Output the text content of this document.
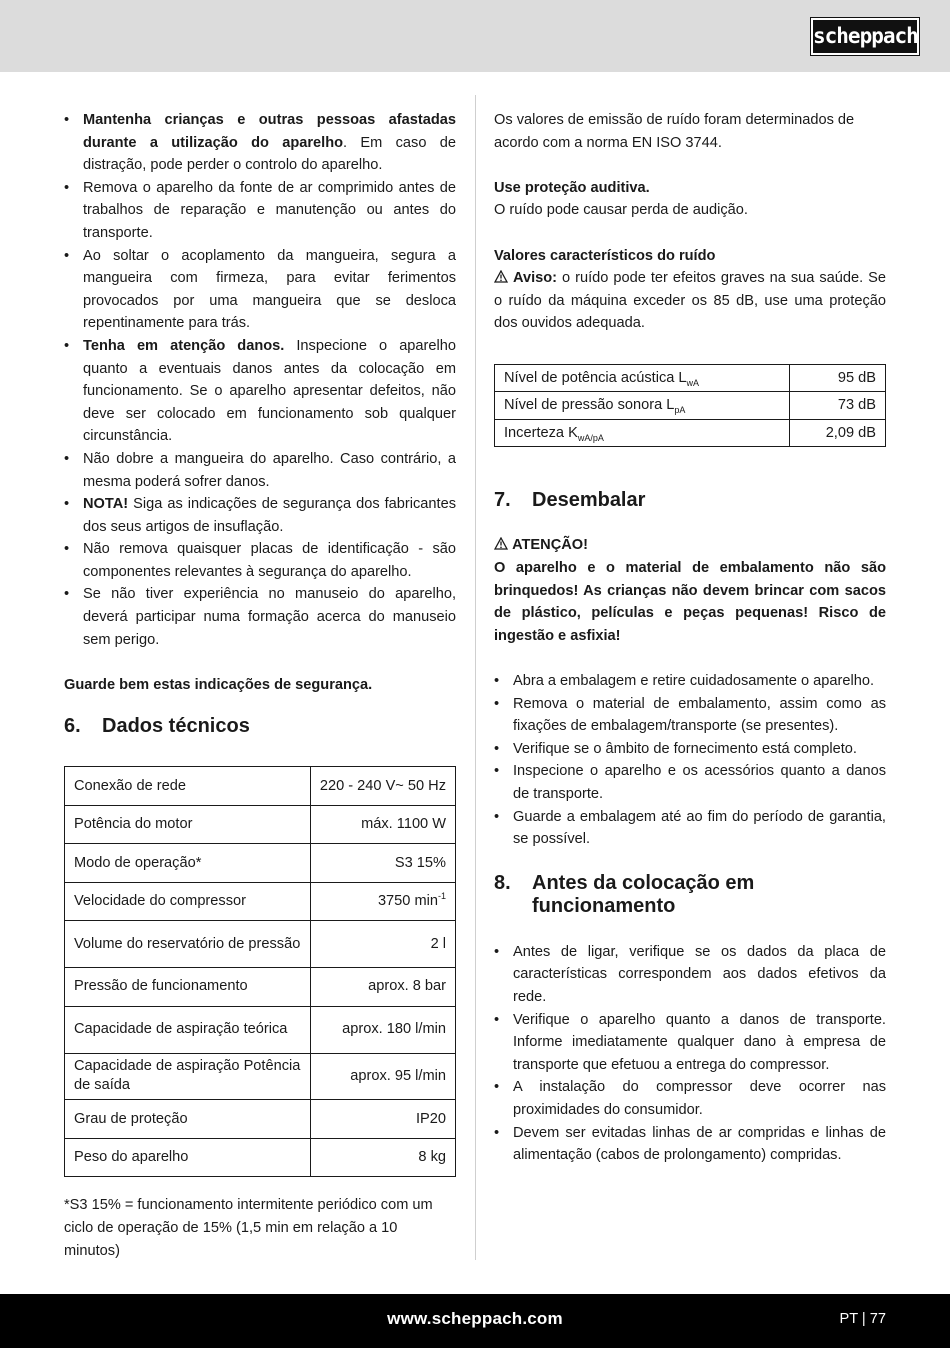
scheppach
• Mantenha crianças e outras pessoas afastadas durante a utilização do aparelho. Em caso de distração, pode perder o controlo do aparelho.
• Remova o aparelho da fonte de ar comprimido antes de trabalhos de reparação e manutenção ou antes do transporte.
• Ao soltar o acoplamento da mangueira, segura a mangueira com firmeza, para evitar ferimentos provocados por uma mangueira que se desloca repentinamente para trás.
• Tenha em atenção danos. Inspecione o aparelho quanto a eventuais danos antes da colocação em funcionamento. Se o aparelho apresentar defeitos, não deve ser colocado em funcionamento sob qualquer circunstância.
• Não dobre a mangueira do aparelho. Caso contrário, a mesma poderá sofrer danos.
• NOTA! Siga as indicações de segurança dos fabricantes dos seus artigos de insuflação.
• Não remova quaisquer placas de identificação - são componentes relevantes à segurança do aparelho.
• Se não tiver experiência no manuseio do aparelho, deverá participar numa formação acerca do manuseio sem perigo.

Guarde bem estas indicações de segurança.

6.	Dados técnicos
Conexão de rede	220 - 240 V~ 50 Hz
Potência do motor	máx. 1100 W
Modo de operação*	S3 15%
Velocidade do compressor	3750 $\min^{-1}$
Volume do reservatório de pressão	2 l
Pressão de funcionamento	aprox. 8 bar
Capacidade de aspiração teórica	aprox. 180 l/min
Capacidade de aspiração Potência de saída	aprox. 95 l/min
Grau de proteção	IP20
Peso do aparelho	8 kg

*S3 15% = funcionamento intermitente periódico com um ciclo de operação de 15% (1,5 min em relação a 10 minutos)

Os valores de emissão de ruído foram determinados de acordo com a norma EN ISO 3744.

Use proteção auditiva.

O ruído pode causar perda de audição.

Valores característicos do ruído

Aviso: o ruído pode ter efeitos graves na sua saúde. Se o ruído da máquina exceder os 85 dB, use uma proteção dos ouvidos adequada.

Nível de potência acústica $L_{wA}$	95 dB
Nível de pressão sonora $L_{pA}$	73 dB
Incerteza $K_{wA/pA}$	2,09 dB
7.	Desembalar

ATENÇÃO!

O aparelho e o material de embalamento não são brinquedos! As crianças não devem brincar com sacos de plástico, películas e peças pequenas! Risco de ingestão e asfixia!

• Abra a embalagem e retire cuidadosamente o aparelho.
• Remova o material de embalamento, assim como as fixações de embalagem/transporte (se presentes).
• Verifique se o âmbito de fornecimento está completo.
• Inspecione o aparelho e os acessórios quanto a danos de transporte.
• Guarde a embalagem até ao fim do período de garantia, se possível.
8.	Antes da colocação em funcionamento
• Antes de ligar, verifique se os dados da placa de características correspondem aos dados efetivos da rede.
• Verifique o aparelho quanto a danos de transporte. Informe imediatamente qualquer dano à empresa de transporte que efetuou a entrega do compressor.
• A instalação do compressor deve ocorrer nas proximidades do consumidor.
• Devem ser evitadas linhas de ar compridas e linhas de alimentação (cabos de prolongamento) compridas.
www.scheppach.com	PT | 77
